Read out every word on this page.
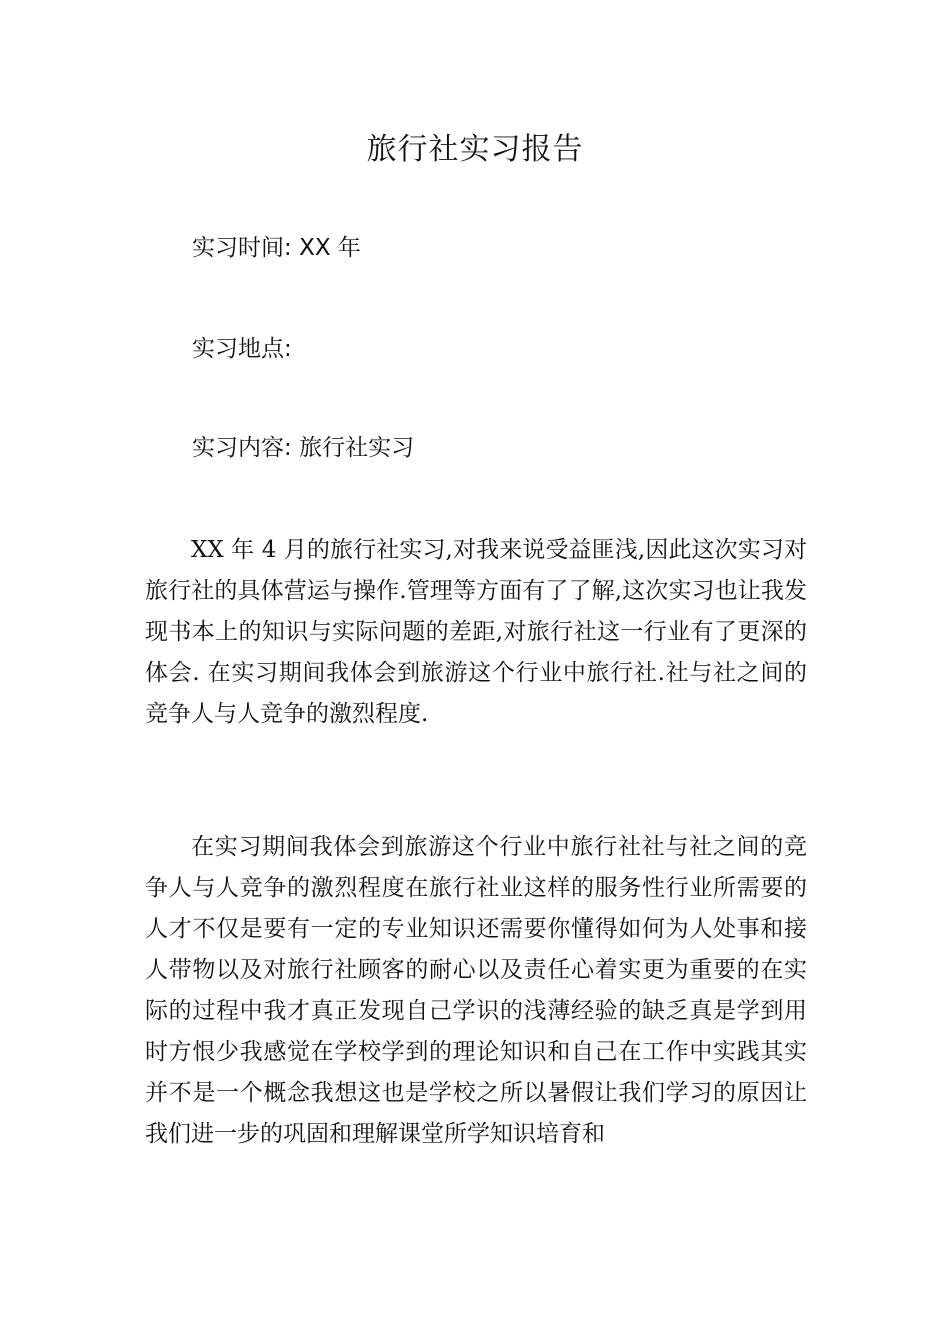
旅行社实习报告
实习时间: XX 年
实习地点:
实习内容: 旅行社实习
XX 年 4 月的旅行社实习,对我来说受益匪浅,因此这次实习对旅行社的具体营运与操作.管理等方面有了了解,这次实习也让我发现书本上的知识与实际问题的差距,对旅行社这一行业有了更深的体会. 在实习期间我体会到旅游这个行业中旅行社.社与社之间的竞争人与人竞争的激烈程度.
在实习期间我体会到旅游这个行业中旅行社社与社之间的竞争人与人竞争的激烈程度在旅行社业这样的服务性行业所需要的人才不仅是要有一定的专业知识还需要你懂得如何为人处事和接人带物以及对旅行社顾客的耐心以及责任心着实更为重要的在实际的过程中我才真正发现自己学识的浅薄经验的缺乏真是学到用时方恨少我感觉在学校学到的理论知识和自己在工作中实践其实并不是一个概念我想这也是学校之所以暑假让我们学习的原因让我们进一步的巩固和理解课堂所学知识培育和
